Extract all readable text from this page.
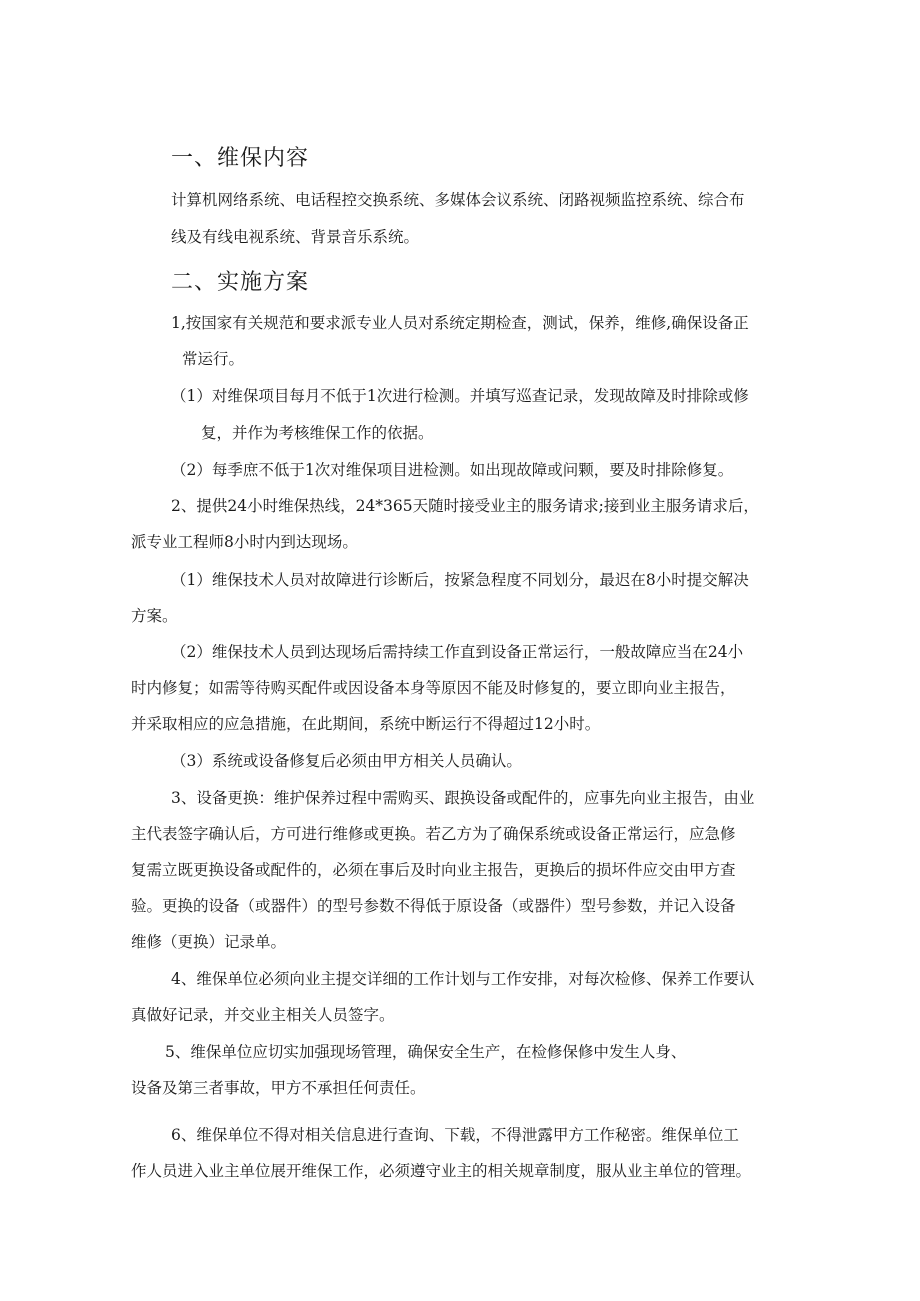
一、维保内容
计算机网络系统、电话程控交换系统、多媒体会议系统、闭路视频监控系统、综合布
线及有线电视系统、背景音乐系统。
二、实施方案
1,按国家有关规范和要求派专业人员对系统定期检查，测试，保养，维修,确保设备正
常运行。
（1）对维保项目每月不低于1次进行检测。并填写巡查记录，发现故障及时排除或修
复，并作为考核维保工作的依据。
（2）每季庶不低于1次对维保项目进检测。如出现故障或问颗，要及时排除修复。
2、提供24小时维保热线，24*365天随时接受业主的服务请求;接到业主服务请求后，
派专业工程师8小时内到达现场。
（1）维保技术人员对故障进行诊断后，按紧急程度不同划分，最迟在8小时提交解决
方案。
（2）维保技术人员到达现场后需持续工作直到设备正常运行，一般故障应当在24小
时内修复；如需等待购买配件或因设备本身等原因不能及时修复的，要立即向业主报告，
并采取相应的应急措施，在此期间，系统中断运行不得超过12小时。
（3）系统或设备修复后必须由甲方相关人员确认。
3、设备更换：维护保养过程中需购买、跟换设备或配件的，应事先向业主报告，由业
主代表签字确认后，方可进行维修或更换。若乙方为了确保系统或设备正常运行，应急修
复需立既更换设备或配件的，必须在事后及时向业主报告，更换后的损坏件应交由甲方查
验。更换的设备（或器件）的型号参数不得低于原设备（或器件）型号参数，并记入设备
维修（更换）记录单。
4、维保单位必须向业主提交详细的工作计划与工作安排，对每次检修、保养工作要认
真做好记录，并交业主相关人员签字。
5、维保单位应切实加强现场管理，确保安全生产，在检修保修中发生人身、
设备及第三者事故，甲方不承担任何责任。
6、维保单位不得对相关信息进行查询、下载，不得泄露甲方工作秘密。维保单位工
作人员进入业主单位展开维保工作，必须遵守业主的相关规章制度，服从业主单位的管理。
